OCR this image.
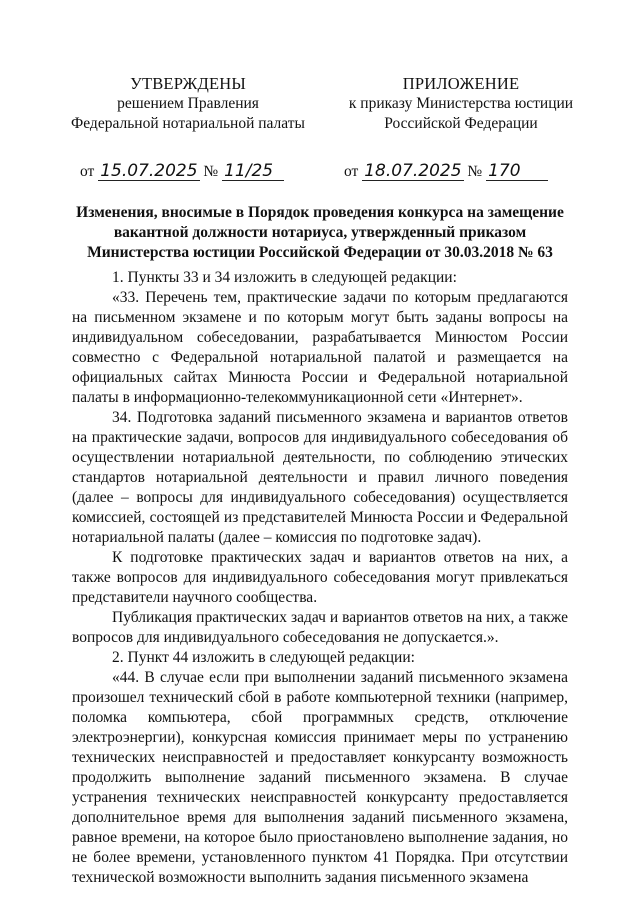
УТВЕРЖДЕНЫ
решением Правления
Федеральной нотариальной палаты
от 15.07.2025 № 11/25
ПРИЛОЖЕНИЕ
к приказу Министерства юстиции
Российской Федерации
от 18.07.2025 № 170
Изменения, вносимые в Порядок проведения конкурса на замещение вакантной должности нотариуса, утвержденный приказом Министерства юстиции Российской Федерации от 30.03.2018 № 63

1. Пункты 33 и 34 изложить в следующей редакции:

«33. Перечень тем, практические задачи по которым предлагаются на письменном экзамене и по которым могут быть заданы вопросы на индивидуальном собеседовании, разрабатывается Минюстом России совместно с Федеральной нотариальной палатой и размещается на официальных сайтах Минюста России и Федеральной нотариальной палаты в информационно-телекоммуникационной сети «Интернет».

34. Подготовка заданий письменного экзамена и вариантов ответов на практические задачи, вопросов для индивидуального собеседования об осуществлении нотариальной деятельности, по соблюдению этических стандартов нотариальной деятельности и правил личного поведения (далее – вопросы для индивидуального собеседования) осуществляется комиссией, состоящей из представителей Минюста России и Федеральной нотариальной палаты (далее – комиссия по подготовке задач).

К подготовке практических задач и вариантов ответов на них, а также вопросов для индивидуального собеседования могут привлекаться представители научного сообщества.

Публикация практических задач и вариантов ответов на них, а также вопросов для индивидуального собеседования не допускается.».

2. Пункт 44 изложить в следующей редакции:

«44. В случае если при выполнении заданий письменного экзамена произошел технический сбой в работе компьютерной техники (например, поломка компьютера, сбой программных средств, отключение электроэнергии), конкурсная комиссия принимает меры по устранению технических неисправностей и предоставляет конкурсанту возможность продолжить выполнение заданий письменного экзамена. В случае устранения технических неисправностей конкурсанту предоставляется дополнительное время для выполнения заданий письменного экзамена, равное времени, на которое было приостановлено выполнение задания, но не более времени, установленного пунктом 41 Порядка. При отсутствии технической возможности выполнить задания письменного экзамена
